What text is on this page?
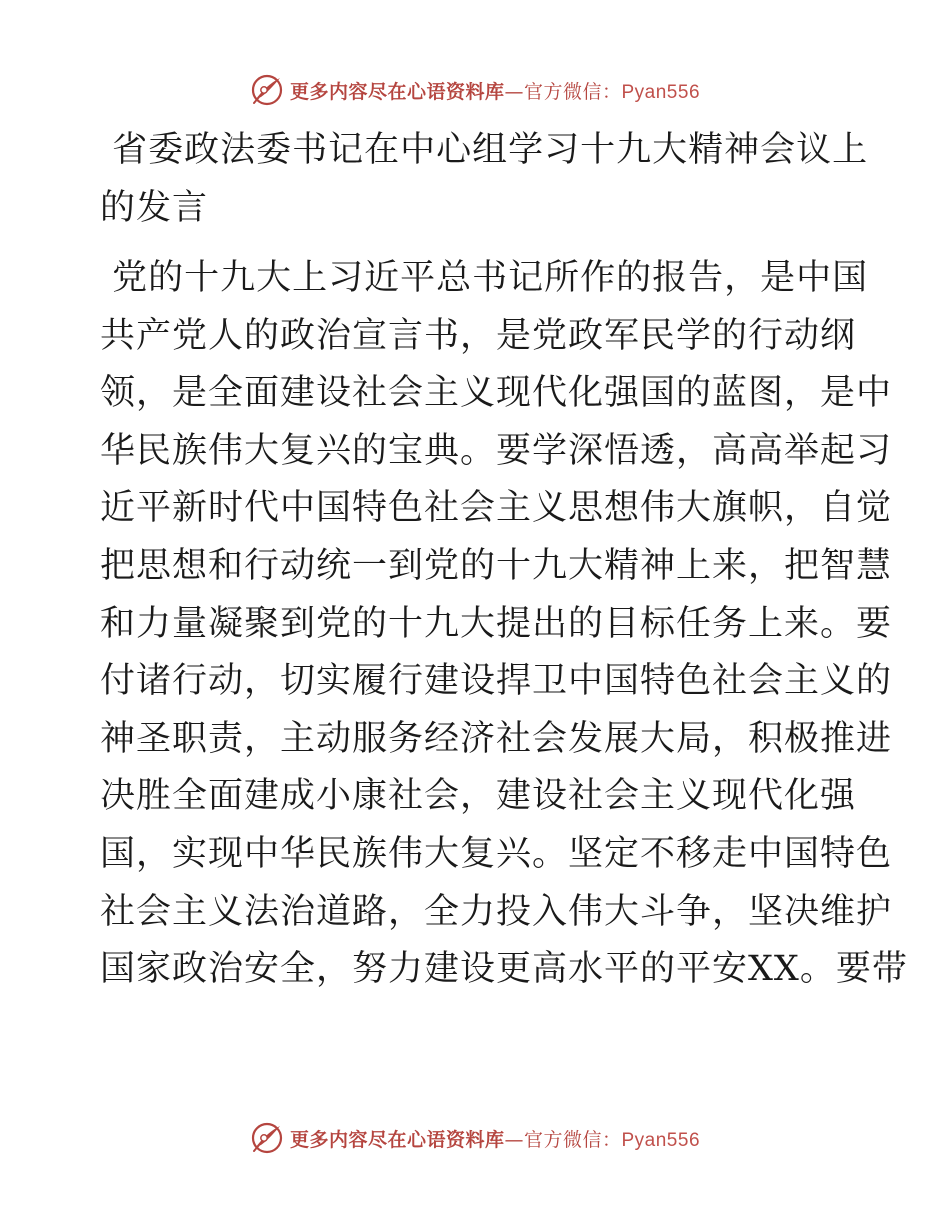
更多内容尽在心语资料库—官方微信：Pyan556
省委政法委书记在中心组学习十九大精神会议上
的发言
党的十九大上习近平总书记所作的报告，是中国
共产党人的政治宣言书，是党政军民学的行动纲
领，是全面建设社会主义现代化强国的蓝图，是中
华民族伟大复兴的宝典。要学深悟透，高高举起习
近平新时代中国特色社会主义思想伟大旗帜，自觉
把思想和行动统一到党的十九大精神上来，把智慧
和力量凝聚到党的十九大提出的目标任务上来。要
付诸行动，切实履行建设捍卫中国特色社会主义的
神圣职责，主动服务经济社会发展大局，积极推进
决胜全面建成小康社会，建设社会主义现代化强
国，实现中华民族伟大复兴。坚定不移走中国特色
社会主义法治道路，全力投入伟大斗争，坚决维护
国家政治安全，努力建设更高水平的平安XX。要带
更多内容尽在心语资料库—官方微信：Pyan556
